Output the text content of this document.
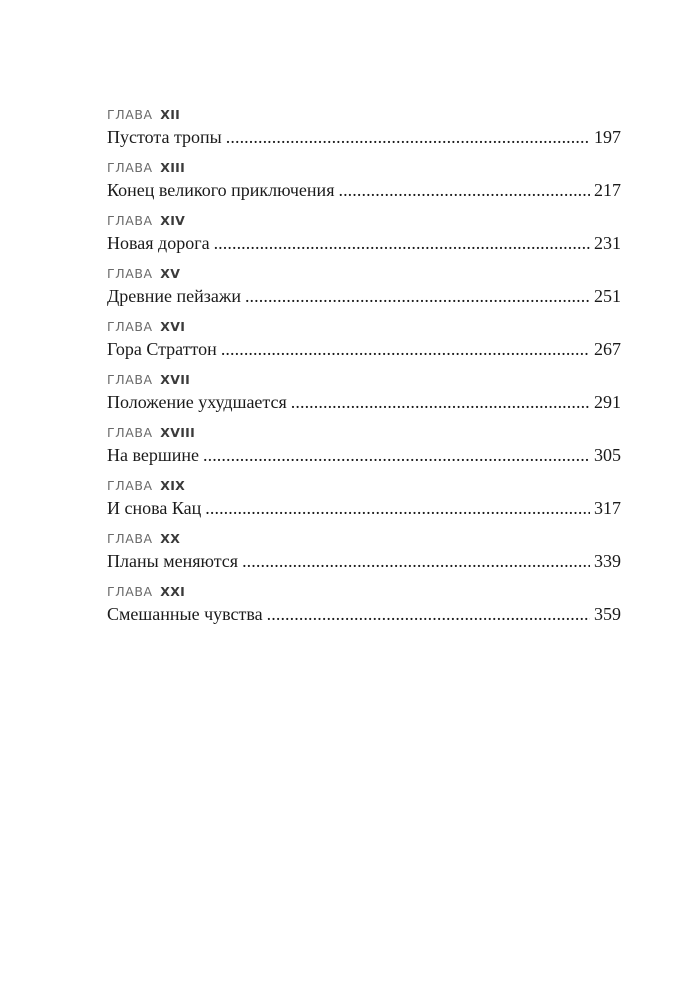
ГЛАВА XII
Пустота тропы . . .	197
ГЛАВА XIII
Конец великого приключения . . .	217
ГЛАВА XIV
Новая дорога . . .	231
ГЛАВА XV
Древние пейзажи . . .	251
ГЛАВА XVI
Гора Страттон . . .	267
ГЛАВА XVII
Положение ухудшается . . .	291
ГЛАВА XVIII
На вершине . . .	305
ГЛАВА XIX
И снова Кац . . .	317
ГЛАВА XX
Планы меняются . . .	339
ГЛАВА XXI
Смешанные чувства . . .	359
